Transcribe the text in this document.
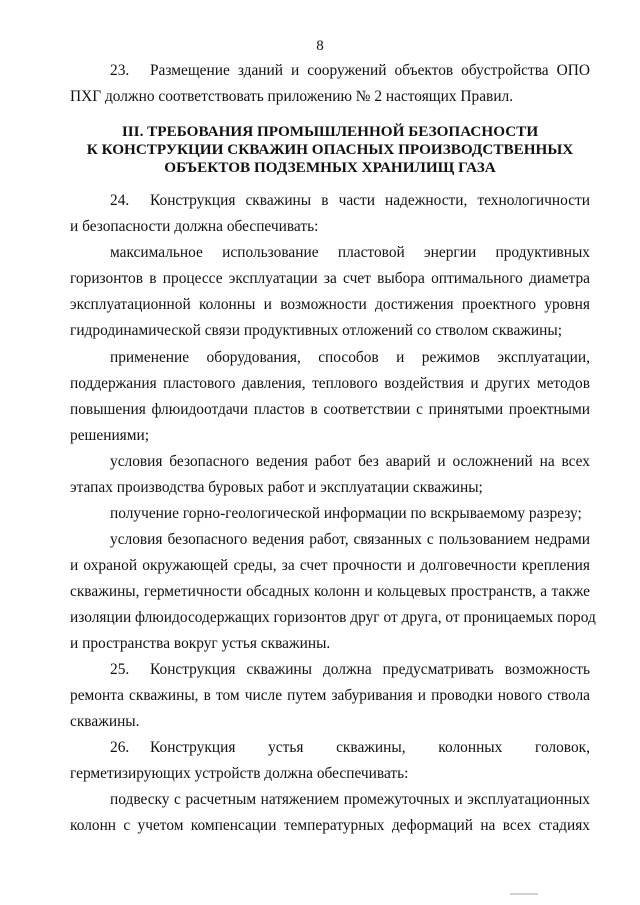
8
23. Размещение зданий и сооружений объектов обустройства ОПО
ПХГ должно соответствовать приложению № 2 настоящих Правил.
III. ТРЕБОВАНИЯ ПРОМЫШЛЕННОЙ БЕЗОПАСНОСТИ
К КОНСТРУКЦИИ СКВАЖИН ОПАСНЫХ ПРОИЗВОДСТВЕННЫХ
ОБЪЕКТОВ ПОДЗЕМНЫХ ХРАНИЛИЩ ГАЗА
24. Конструкция скважины в части надежности, технологичности
и безопасности должна обеспечивать:
максимальное использование пластовой энергии продуктивных
горизонтов в процессе эксплуатации за счет выбора оптимального диаметра
эксплуатационной колонны и возможности достижения проектного уровня
гидродинамической связи продуктивных отложений со стволом скважины;
применение оборудования, способов и режимов эксплуатации,
поддержания пластового давления, теплового воздействия и других методов
повышения флюидоотдачи пластов в соответствии с принятыми проектными
решениями;
условия безопасного ведения работ без аварий и осложнений на всех
этапах производства буровых работ и эксплуатации скважины;
получение горно-геологической информации по вскрываемому разрезу;
условия безопасного ведения работ, связанных с пользованием недрами
и охраной окружающей среды, за счет прочности и долговечности крепления
скважины, герметичности обсадных колонн и кольцевых пространств, а также
изоляции флюидосодержащих горизонтов друг от друга, от проницаемых пород
и пространства вокруг устья скважины.
25. Конструкция скважины должна предусматривать возможность
ремонта скважины, в том числе путем забуривания и проводки нового ствола
скважины.
26. Конструкция устья скважины, колонных головок,
герметизирующих устройств должна обеспечивать:
подвеску с расчетным натяжением промежуточных и эксплуатационных
колонн с учетом компенсации температурных деформаций на всех стадиях
